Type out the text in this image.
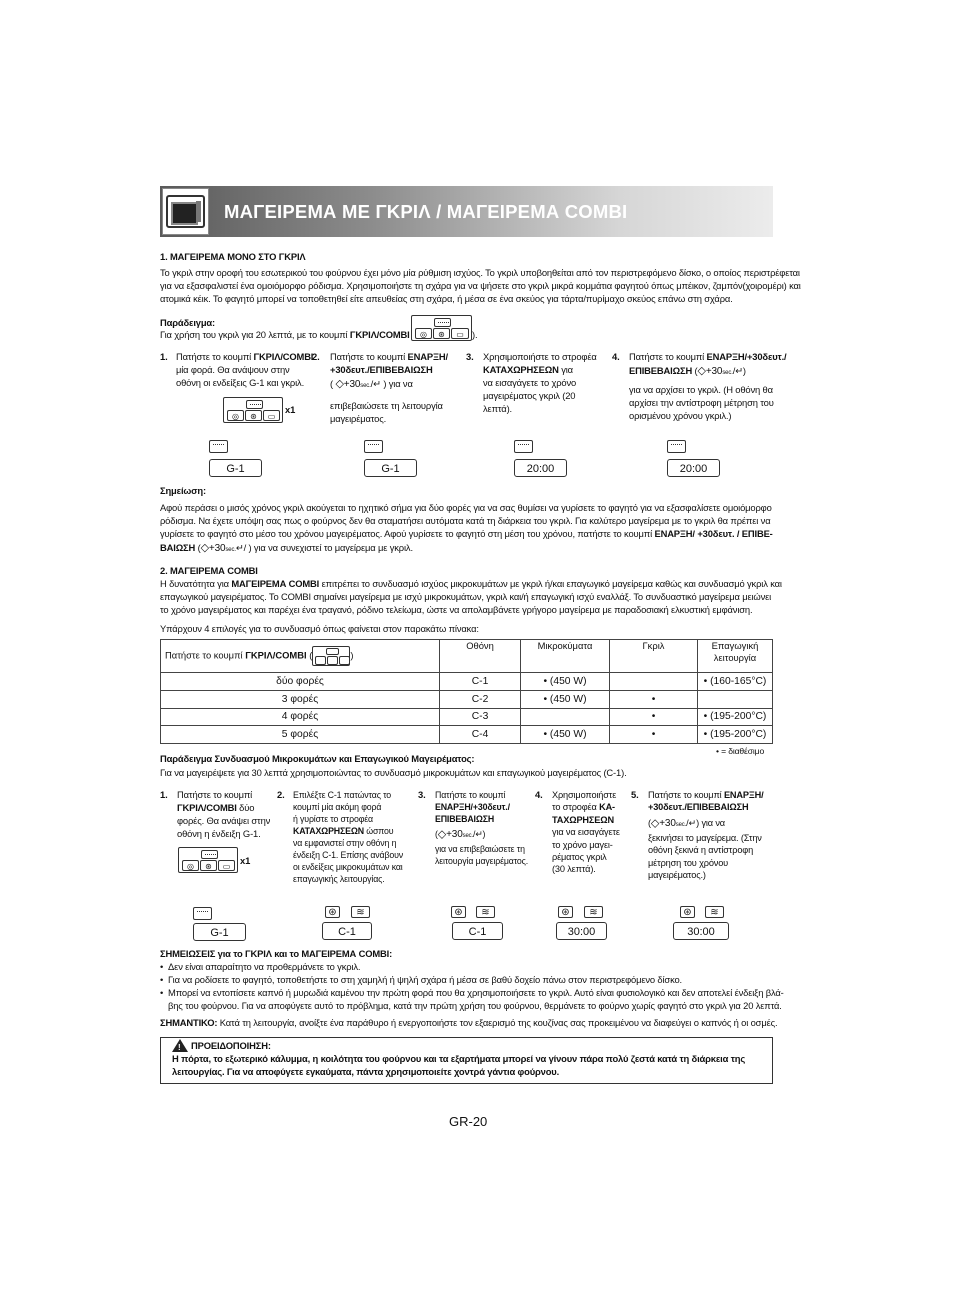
ΜΑΓΕΙΡΕΜΑ ΜΕ ΓΚΡΙΛ / ΜΑΓΕΙΡΕΜΑ COMBI
1. ΜΑΓΕΙΡΕΜΑ ΜΟΝΟ ΣΤΟ ΓΚΡΙΛ
Το γκριλ στην οροφή του εσωτερικού του φούρνου έχει μόνο μία ρύθμιση ισχύος. Το γκριλ υποβοηθείται από τον περιστρεφόμενο δίσκο, ο οποίος περιστρέφεται
για να εξασφαλιστεί ένα ομοιόμορφο ρόδισμα. Χρησιμοποιήστε τη σχάρα για να ψήσετε στο γκριλ μικρά κομμάτια φαγητού όπως μπέικον, ζαμπόν(χοιρομέρι) και
ατομικά κέικ. Το φαγητό μπορεί να τοποθετηθεί είτε απευθείας στη σχάρα, ή μέσα σε ένα σκεύος για τάρτα/πυρίμαχο σκεύος επάνω στη σχάρα.
Παράδειγμα:
Για χρήση του γκριλ για 20 λεπτά, με το κουμπί ΓΚΡΙΛ/COMBI	◎	⊛	▭ ).
1. Πατήστε το κουμπί ΓΚΡΙΛ/COMBI
μία φορά. Θα ανάψουν στην
οθόνη οι ενδείξεις G-1 και γκριλ.
◎	⊛	▭
x1
2. Πατήστε το κουμπί ΕΝΑΡΞΗ/
+30δευτ./ΕΠΙΒΕΒΑΙΩΣΗ
( ◇+30sec./↵ ) για να
επιβεβαιώσετε τη λειτουργία
μαγειρέματος.
3. Χρησιμοποιήστε το στροφέα
ΚΑΤΑΧΩΡΗΣΕΩΝ για
να εισαγάγετε το χρόνο
μαγειρέματος γκριλ (20
λεπτά).
4. Πατήστε το κουμπί ΕΝΑΡΞΗ/+30δευτ./
ΕΠΙΒΕΒΑΙΩΣΗ (◇+30sec./↵)
για να αρχίσει το γκριλ. (Η οθόνη θα
αρχίσει την αντίστροφη μέτρηση του
ορισμένου χρόνου γκριλ.)
G-1	G-1	20:00	20:00
Σημείωση:
Αφού περάσει ο μισός χρόνος γκριλ ακούγεται το ηχητικό σήμα για δύο φορές για να σας θυμίσει να γυρίσετε το φαγητό για να εξασφαλίσετε ομοιόμορφο
ρόδισμα. Να έχετε υπόψη σας πως ο φούρνος δεν θα σταματήσει αυτόματα κατά τη διάρκεια του γκριλ. Για καλύτερο μαγείρεμα με το γκριλ θα πρέπει να
γυρίσετε το φαγητό στο μέσο του χρόνου μαγειρέματος. Αφού γυρίσετε το φαγητό στη μέση του χρόνου, πατήστε το κουμπί ΕΝΑΡΞΗ/ +30δευτ. / ΕΠΙΒΕ-
ΒΑΙΩΣΗ (◇+30sec.↵/ ) για να συνεχιστεί το μαγείρεμα με γκριλ.
2. ΜΑΓΕΙΡΕΜΑ COMBI
Η δυνατότητα για ΜΑΓΕΙΡΕΜΑ COMBI επιτρέπει το συνδυασμό ισχύος μικροκυμάτων με γκριλ ή/και επαγωγικό μαγείρεμα καθώς και συνδυασμό γκριλ και
επαγωγικού μαγειρέματος. Το COMBI σημαίνει μαγείρεμα με ισχύ μικροκυμάτων, γκριλ και/ή επαγωγική ισχύ εναλλάξ. Το συνδυαστικό μαγείρεμα μειώνει
το χρόνο μαγειρέματος και παρέχει ένα τραγανό, ρόδινο τελείωμα, ώστε να απολαμβάνετε γρήγορο μαγείρεμα με παραδοσιακή ελκυστική εμφάνιση.
Υπάρχουν 4 επιλογές για το συνδυασμό όπως φαίνεται στον παρακάτω πίνακα:
Πατήστε το κουμπί ΓΚΡΙΛ/COMBI ( )	Οθόνη	Μικροκύματα	Γκριλ	Επαγωγική
λειτουργία
δύο φορές	C-1	• (450 W)		• (160-165°C)
3 φορές	C-2	• (450 W)	•	
4 φορές	C-3		•	• (195-200°C)
5 φορές	C-4	• (450 W)	•	• (195-200°C)
• = διαθέσιμο
Παράδειγμα Συνδυασμού Μικροκυμάτων και Επαγωγικού Μαγειρέματος:
Για να μαγειρέψετε για 30 λεπτά χρησιμοποιώντας το συνδυασμό μικροκυμάτων και επαγωγικού μαγειρέματος (C-1).
1. Πατήστε το κουμπί
ΓΚΡΙΛ/COMBI δύο
φορές. Θα ανάψει στην
οθόνη η ένδειξη G-1.
◎	⊛	▭
x1
2. Επιλέξτε C-1 πατώντας το
κουμπί μία ακόμη φορά
ή γυρίστε το στροφέα
ΚΑΤΑΧΩΡΗΣΕΩΝ ώσπου
να εμφανιστεί στην οθόνη η
ένδειξη C-1. Επίσης ανάβουν
οι ενδείξεις μικροκυμάτων και
επαγωγικής λειτουργίας.
3. Πατήστε το κουμπί
ΕΝΑΡΞΗ/+30δευτ./
ΕΠΙΒΕΒΑΙΩΣΗ
(◇+30sec./↵)
για να επιβεβαιώσετε τη
λειτουργία μαγειρέματος.
4. Χρησιμοποιήστε
το στροφέα ΚΑ-
ΤΑΧΩΡΗΣΕΩΝ
για να εισαγάγετε
το χρόνο μαγει-
ρέματος γκριλ
(30 λεπτά).
5. Πατήστε το κουμπί ΕΝΑΡΞΗ/
+30δευτ./ΕΠΙΒΕΒΑΙΩΣΗ
(◇+30sec./↵) για να
ξεκινήσει το μαγείρεμα. (Στην
οθόνη ξεκινά η αντίστροφη
μέτρηση του χρόνου
μαγειρέματος.)
G-1
⊛	≋
C-1
⊛	≋
C-1
⊛	≋
30:00
⊛	≋
30:00
ΣΗΜΕΙΩΣΕΙΣ για το ΓΚΡΙΛ και το ΜΑΓΕΙΡΕΜΑ COMBI:
•  Δεν είναι απαραίτητο να προθερμάνετε το γκριλ.
•  Για να ροδίσετε το φαγητό, τοποθετήστε το στη χαμηλή ή ψηλή σχάρα ή μέσα σε βαθύ δοχείο πάνω στον περιστρεφόμενο δίσκο.
•  Μπορεί να εντοπίσετε καπνό ή μυρωδιά καμένου την πρώτη φορά που θα χρησιμοποιήσετε το γκριλ. Αυτό είναι φυσιολογικό και δεν αποτελεί ένδειξη βλά-
βης του φούρνου. Για να αποφύγετε αυτό το πρόβλημα, κατά την πρώτη χρήση του φούρνου, θερμάνετε το φούρνο χωρίς φαγητό στο γκριλ για 20 λεπτά.
ΣΗΜΑΝΤΙΚΟ: Κατά τη λειτουργία, ανοίξτε ένα παράθυρο ή ενεργοποιήστε τον εξαερισμό της κουζίνας σας προκειμένου να διαφεύγει ο καπνός ή οι οσμές.
! ΠΡΟΕΙΔΟΠΟΙΗΣΗ:
Η πόρτα, το εξωτερικό κάλυμμα, η κοιλότητα του φούρνου και τα εξαρτήματα μπορεί να γίνουν πάρα πολύ ζεστά κατά τη διάρκεια της
λειτουργίας. Για να αποφύγετε εγκαύματα, πάντα χρησιμοποιείτε χοντρά γάντια φούρνου.
GR-20
